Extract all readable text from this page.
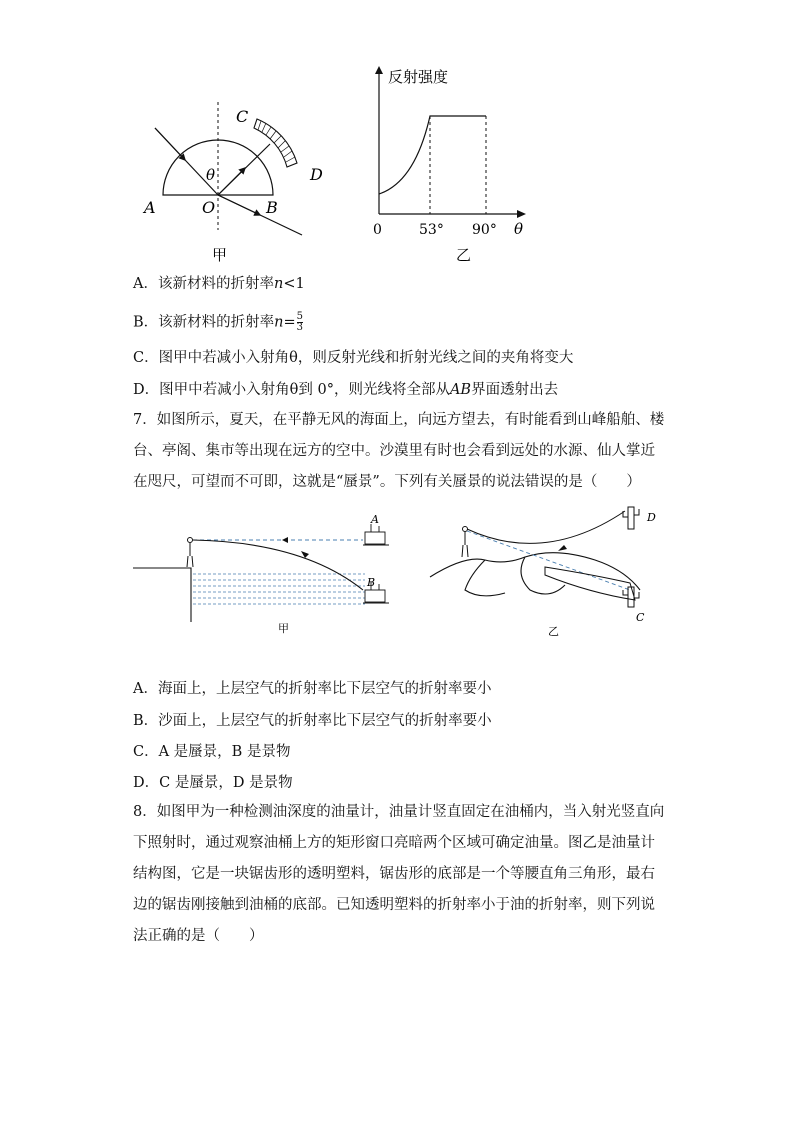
A	O	B
C
D
θ
甲
反射强度
0	53° 90° θ
乙
A．该新材料的折射率n<1
B．该新材料的折射率$n= \frac{5}{3}$
C．图甲中若减小入射角θ，则反射光线和折射光线之间的夹角将变大
D．图甲中若减小入射角θ到 0°，则光线将全部从AB界面透射出去
7．如图所示，夏天，在平静无风的海面上，向远方望去，有时能看到山峰船舶、楼台、亭阁、集市等出现在远方的空中。沙漠里有时也会看到远处的水源、仙人掌近在咫尺，可望而不可即，这就是“蜃景”。下列有关蜃景的说法错误的是（　　）
A
B
甲
D
C
乙
A．海面上，上层空气的折射率比下层空气的折射率要小
B．沙面上，上层空气的折射率比下层空气的折射率要小
C．A 是蜃景，B 是景物
D．C 是蜃景，D 是景物
8．如图甲为一种检测油深度的油量计，油量计竖直固定在油桶内，当入射光竖直向下照射时，通过观察油桶上方的矩形窗口亮暗两个区域可确定油量。图乙是油量计结构图，它是一块锯齿形的透明塑料，锯齿形的底部是一个等腰直角三角形，最右边的锯齿刚接触到油桶的底部。已知透明塑料的折射率小于油的折射率，则下列说法正确的是（　　）
